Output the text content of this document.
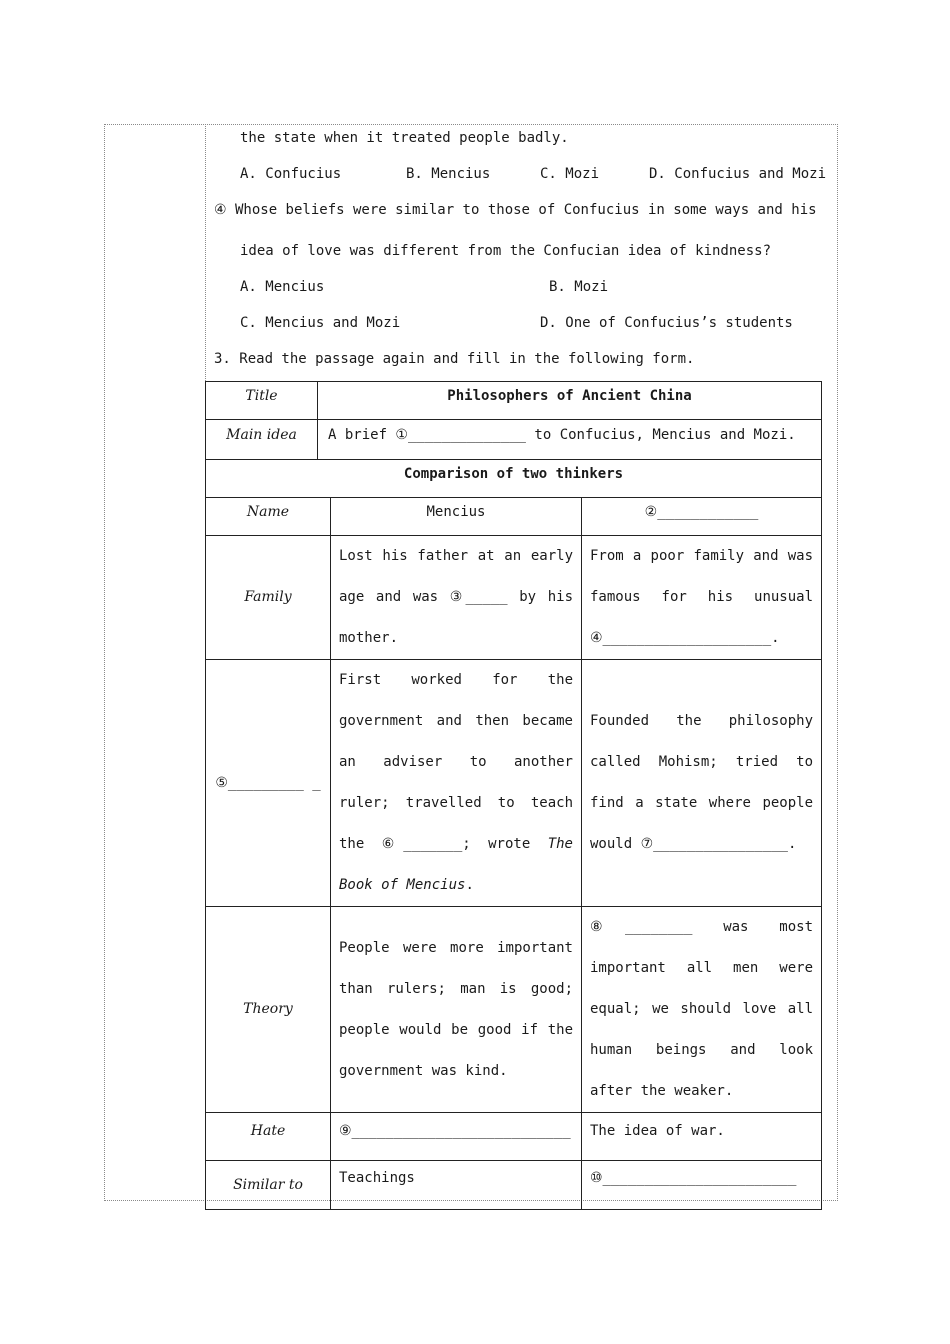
the state when it treated people badly.
A. Confucius	B. Mencius	C. Mozi	D. Confucius and Mozi
④ Whose beliefs were similar to those of Confucius in some ways and his
idea of love was different from the Confucian idea of kindness?
A. Mencius	B. Mozi
C. Mencius and Mozi	D. One of Confucius’s students
3. Read the passage again and fill in the following form.
Title	Philosophers of Ancient China		
Main idea	A brief ①______________ to Confucius, Mencius and Mozi.		
Comparison of two thinkers			
Name		Mencius	②____________
Family		Lost his father at an early age and was ③_____ by his mother.	From a poor family and was famous for his unusual ④____________________.
⑤_________ _		First worked for the government and then became an adviser to another ruler; travelled to teach the ⑥_______; wrote The Book of Mencius.	Founded the philosophy called Mohism; tried to find a state where people would ⑦________________.
Theory		People were more important than rulers; man is good; people would be good if the government was kind.	⑧________ was most important all men were equal; we should love all human beings and look after the weaker.
Hate		⑨__________________________	The idea of war.
Similar to		Teachings	⑩_______________________
